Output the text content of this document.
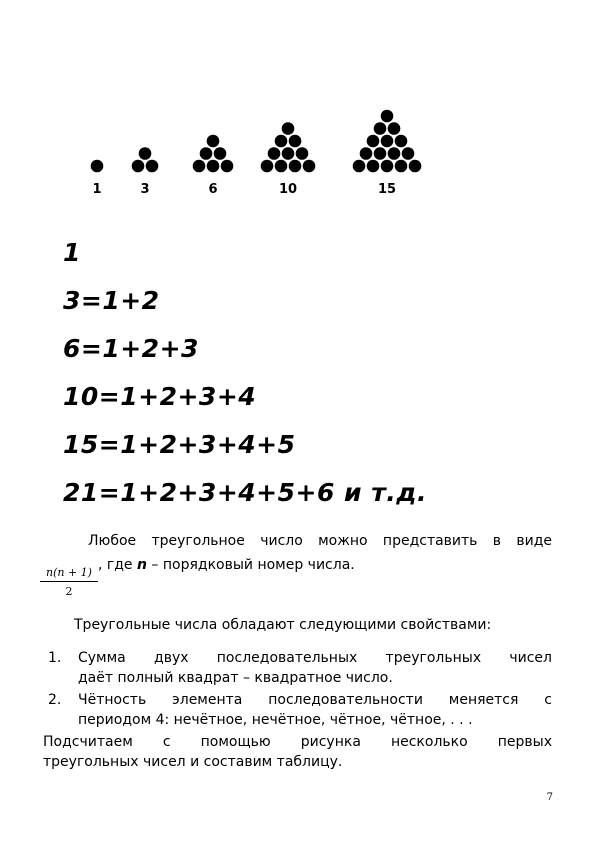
1	3	6	10	15
1
3=1+2
6=1+2+3
10=1+2+3+4
15=1+2+3+4+5
21=1+2+3+4+5+6 и т.д.
Любое треугольное число можно представить в виде
$\frac{n(n + 1)}{2}$
, где n – порядковый номер числа.
Треугольные числа обладают следующими свойствами:
1. Сумма двух последовательных треугольных чисел
даёт полный квадрат – квадратное число.
2. Чётность элемента последовательности меняется с
периодом 4: нечётное, нечётное, чётное, чётное, . . .
Подсчитаем с помощью рисунка несколько первых
треугольных чисел и составим таблицу.
7
